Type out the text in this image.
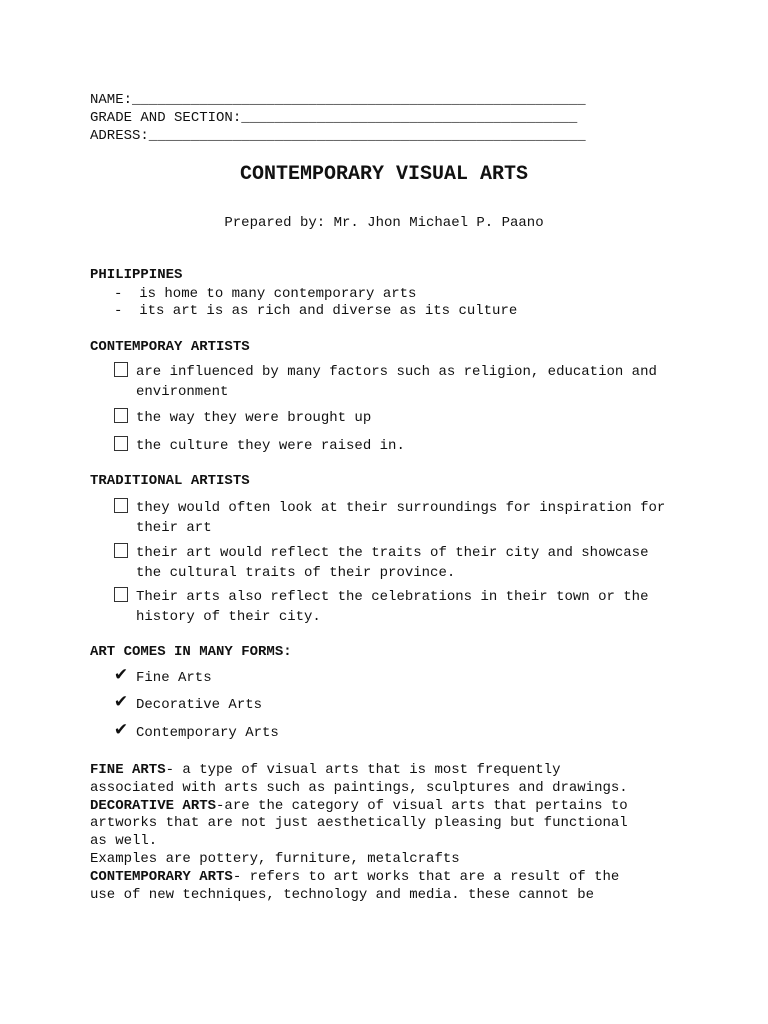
NAME:______________________________________________________
GRADE AND SECTION:________________________________________
ADRESS:____________________________________________________
CONTEMPORARY VISUAL ARTS
Prepared by: Mr. Jhon Michael P. Paano
PHILIPPINES
-  is home to many contemporary arts
-  its art is as rich and diverse as its culture
CONTEMPORAY ARTISTS
are influenced by many factors such as religion, education and environment
the way they were brought up
the culture they were raised in.
TRADITIONAL ARTISTS
they would often look at their surroundings for inspiration for their art
their art would reflect the traits of their city and showcase the cultural traits of their province.
Their arts also reflect the celebrations in their town or the history of their city.
ART COMES IN MANY FORMS:
✔ Fine Arts
✔ Decorative Arts
✔ Contemporary Arts
FINE ARTS- a type of visual arts that is most frequently
associated with arts such as paintings, sculptures and drawings.
DECORATIVE ARTS-are the category of visual arts that pertains to
artworks that are not just aesthetically pleasing but functional
as well.
Examples are pottery, furniture, metalcrafts
CONTEMPORARY ARTS- refers to art works that are a result of the
use of new techniques, technology and media. these cannot be
